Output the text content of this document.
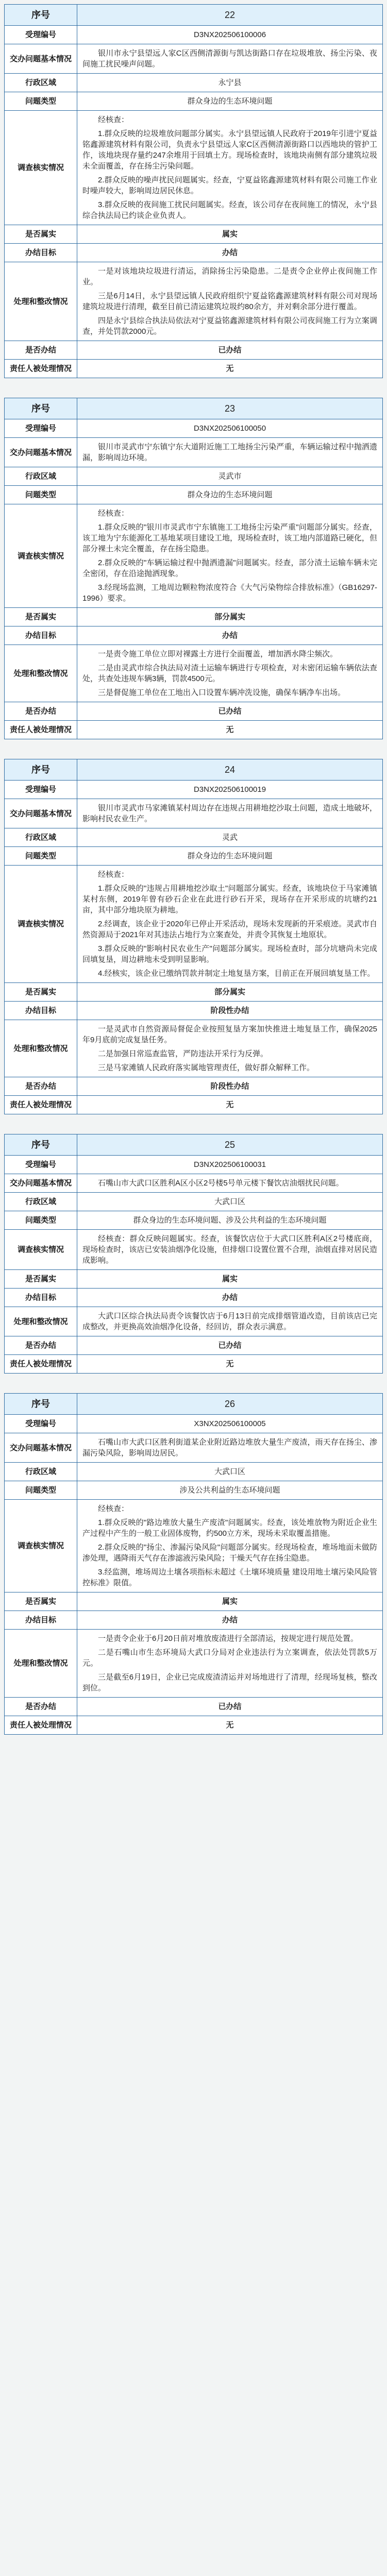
序号	22
受理编号	D3NX202506100006
交办问题基本情况	银川市永宁县望远人家C区西侧清源街与凯达街路口存在垃圾堆放、扬尘污染、夜间施工扰民噪声问题。

行政区域	永宁县
问题类型	群众身边的生态环境问题
调查核实情况	经核查：

1.群众反映的垃圾堆放问题部分属实。永宁县望远镇人民政府于2019年引进宁夏益铭鑫源建筑材料有限公司，负责永宁县望远人家C区西侧清源街路口以西地块的管护工作，该地块现存量约247余堆用于回填土方。现场检查时，该地块南侧有部分建筑垃圾未全面覆盖，存在扬尘污染问题。

2.群众反映的噪声扰民问题属实。经查，宁夏益铭鑫源建筑材料有限公司施工作业时噪声较大，影响周边居民休息。

3.群众反映的夜间施工扰民问题属实。经查，该公司存在夜间施工的情况，永宁县综合执法局已约谈企业负责人。

是否属实	属实
办结目标	办结
处理和整改情况	一是对该地块垃圾进行清运，消除扬尘污染隐患。二是责令企业停止夜间施工作业。

三是6月14日，永宁县望远镇人民政府组织宁夏益铭鑫源建筑材料有限公司对现场建筑垃圾进行清理，截至目前已清运建筑垃圾约80余方，并对剩余部分进行覆盖。

四是永宁县综合执法局依法对宁夏益铭鑫源建筑材料有限公司夜间施工行为立案调查，并处罚款2000元。

是否办结	已办结
责任人被处理情况	无
序号	23
受理编号	D3NX202506100050
交办问题基本情况	银川市灵武市宁东镇宁东大道附近施工工地扬尘污染严重，车辆运输过程中抛洒遗漏，影响周边环境。

行政区域	灵武市
问题类型	群众身边的生态环境问题
调查核实情况	经核查：

1.群众反映的"银川市灵武市宁东镇施工工地扬尘污染严重"问题部分属实。经查，该工地为宁东能源化工基地某项目建设工地，现场检查时，该工地内部道路已硬化，但部分裸土未完全覆盖，存在扬尘隐患。

2.群众反映的"车辆运输过程中抛洒遗漏"问题属实。经查，部分渣土运输车辆未完全密闭，存在沿途抛洒现象。

3.经现场监测，工地周边颗粒物浓度符合《大气污染物综合排放标准》（GB16297-1996）要求。

是否属实	部分属实
办结目标	办结
处理和整改情况	一是责令施工单位立即对裸露土方进行全面覆盖，增加洒水降尘频次。

二是由灵武市综合执法局对渣土运输车辆进行专项检查，对未密闭运输车辆依法查处，共查处违规车辆3辆，罚款4500元。

三是督促施工单位在工地出入口设置车辆冲洗设施，确保车辆净车出场。

是否办结	已办结
责任人被处理情况	无
序号	24
受理编号	D3NX202506100019
交办问题基本情况	银川市灵武市马家滩镇某村周边存在违规占用耕地挖沙取土问题，造成土地破坏，影响村民农业生产。

行政区域	灵武
问题类型	群众身边的生态环境问题
调查核实情况	经核查：

1.群众反映的"违规占用耕地挖沙取土"问题部分属实。经查，该地块位于马家滩镇某村东侧，2019年曾有砂石企业在此进行砂石开采，现场存在开采形成的坑塘约21亩，其中部分地块原为耕地。

2.经调查，该企业于2020年已停止开采活动，现场未发现新的开采痕迹。灵武市自然资源局于2021年对其违法占地行为立案查处，并责令其恢复土地原状。

3.群众反映的"影响村民农业生产"问题部分属实。现场检查时，部分坑塘尚未完成回填复垦，周边耕地未受到明显影响。

4.经核实，该企业已缴纳罚款并制定土地复垦方案，目前正在开展回填复垦工作。

是否属实	部分属实
办结目标	阶段性办结
处理和整改情况	一是灵武市自然资源局督促企业按照复垦方案加快推进土地复垦工作，确保2025年9月底前完成复垦任务。

二是加强日常巡查监管，严防违法开采行为反弹。

三是马家滩镇人民政府落实属地管理责任，做好群众解释工作。

是否办结	阶段性办结
责任人被处理情况	无
序号	25
受理编号	D3NX202506100031
交办问题基本情况	石嘴山市大武口区胜利A区小区2号楼5号单元楼下餐饮店油烟扰民问题。

行政区域	大武口区
问题类型	群众身边的生态环境问题、涉及公共利益的生态环境问题
调查核实情况	经核查：群众反映问题属实。经查，该餐饮店位于大武口区胜利A区2号楼底商，现场检查时，该店已安装油烟净化设施，但排烟口设置位置不合理，油烟直排对居民造成影响。

是否属实	属实
办结目标	办结
处理和整改情况	大武口区综合执法局责令该餐饮店于6月13日前完成排烟管道改造，目前该店已完成整改，并更换高效油烟净化设备，经回访，群众表示满意。

是否办结	已办结
责任人被处理情况	无
序号	26
受理编号	X3NX202506100005
交办问题基本情况	石嘴山市大武口区胜利街道某企业附近路边堆放大量生产废渣，雨天存在扬尘、渗漏污染风险，影响周边居民。

行政区域	大武口区
问题类型	涉及公共利益的生态环境问题
调查核实情况	经核查：

1.群众反映的"路边堆放大量生产废渣"问题属实。经查，该处堆放物为附近企业生产过程中产生的一般工业固体废物，约500立方米，现场未采取覆盖措施。

2.群众反映的"扬尘、渗漏污染风险"问题部分属实。经现场检查，堆场地面未做防渗处理，遇降雨天气存在渗滤液污染风险；干燥天气存在扬尘隐患。

3.经监测，堆场周边土壤各项指标未超过《土壤环境质量 建设用地土壤污染风险管控标准》限值。

是否属实	属实
办结目标	办结
处理和整改情况	一是责令企业于6月20日前对堆放废渣进行全部清运，按规定进行规范处置。

二是石嘴山市生态环境局大武口分局对企业违法行为立案调查，依法处罚款5万元。

三是截至6月19日，企业已完成废渣清运并对场地进行了清理，经现场复核，整改到位。

是否办结	已办结
责任人被处理情况	无
